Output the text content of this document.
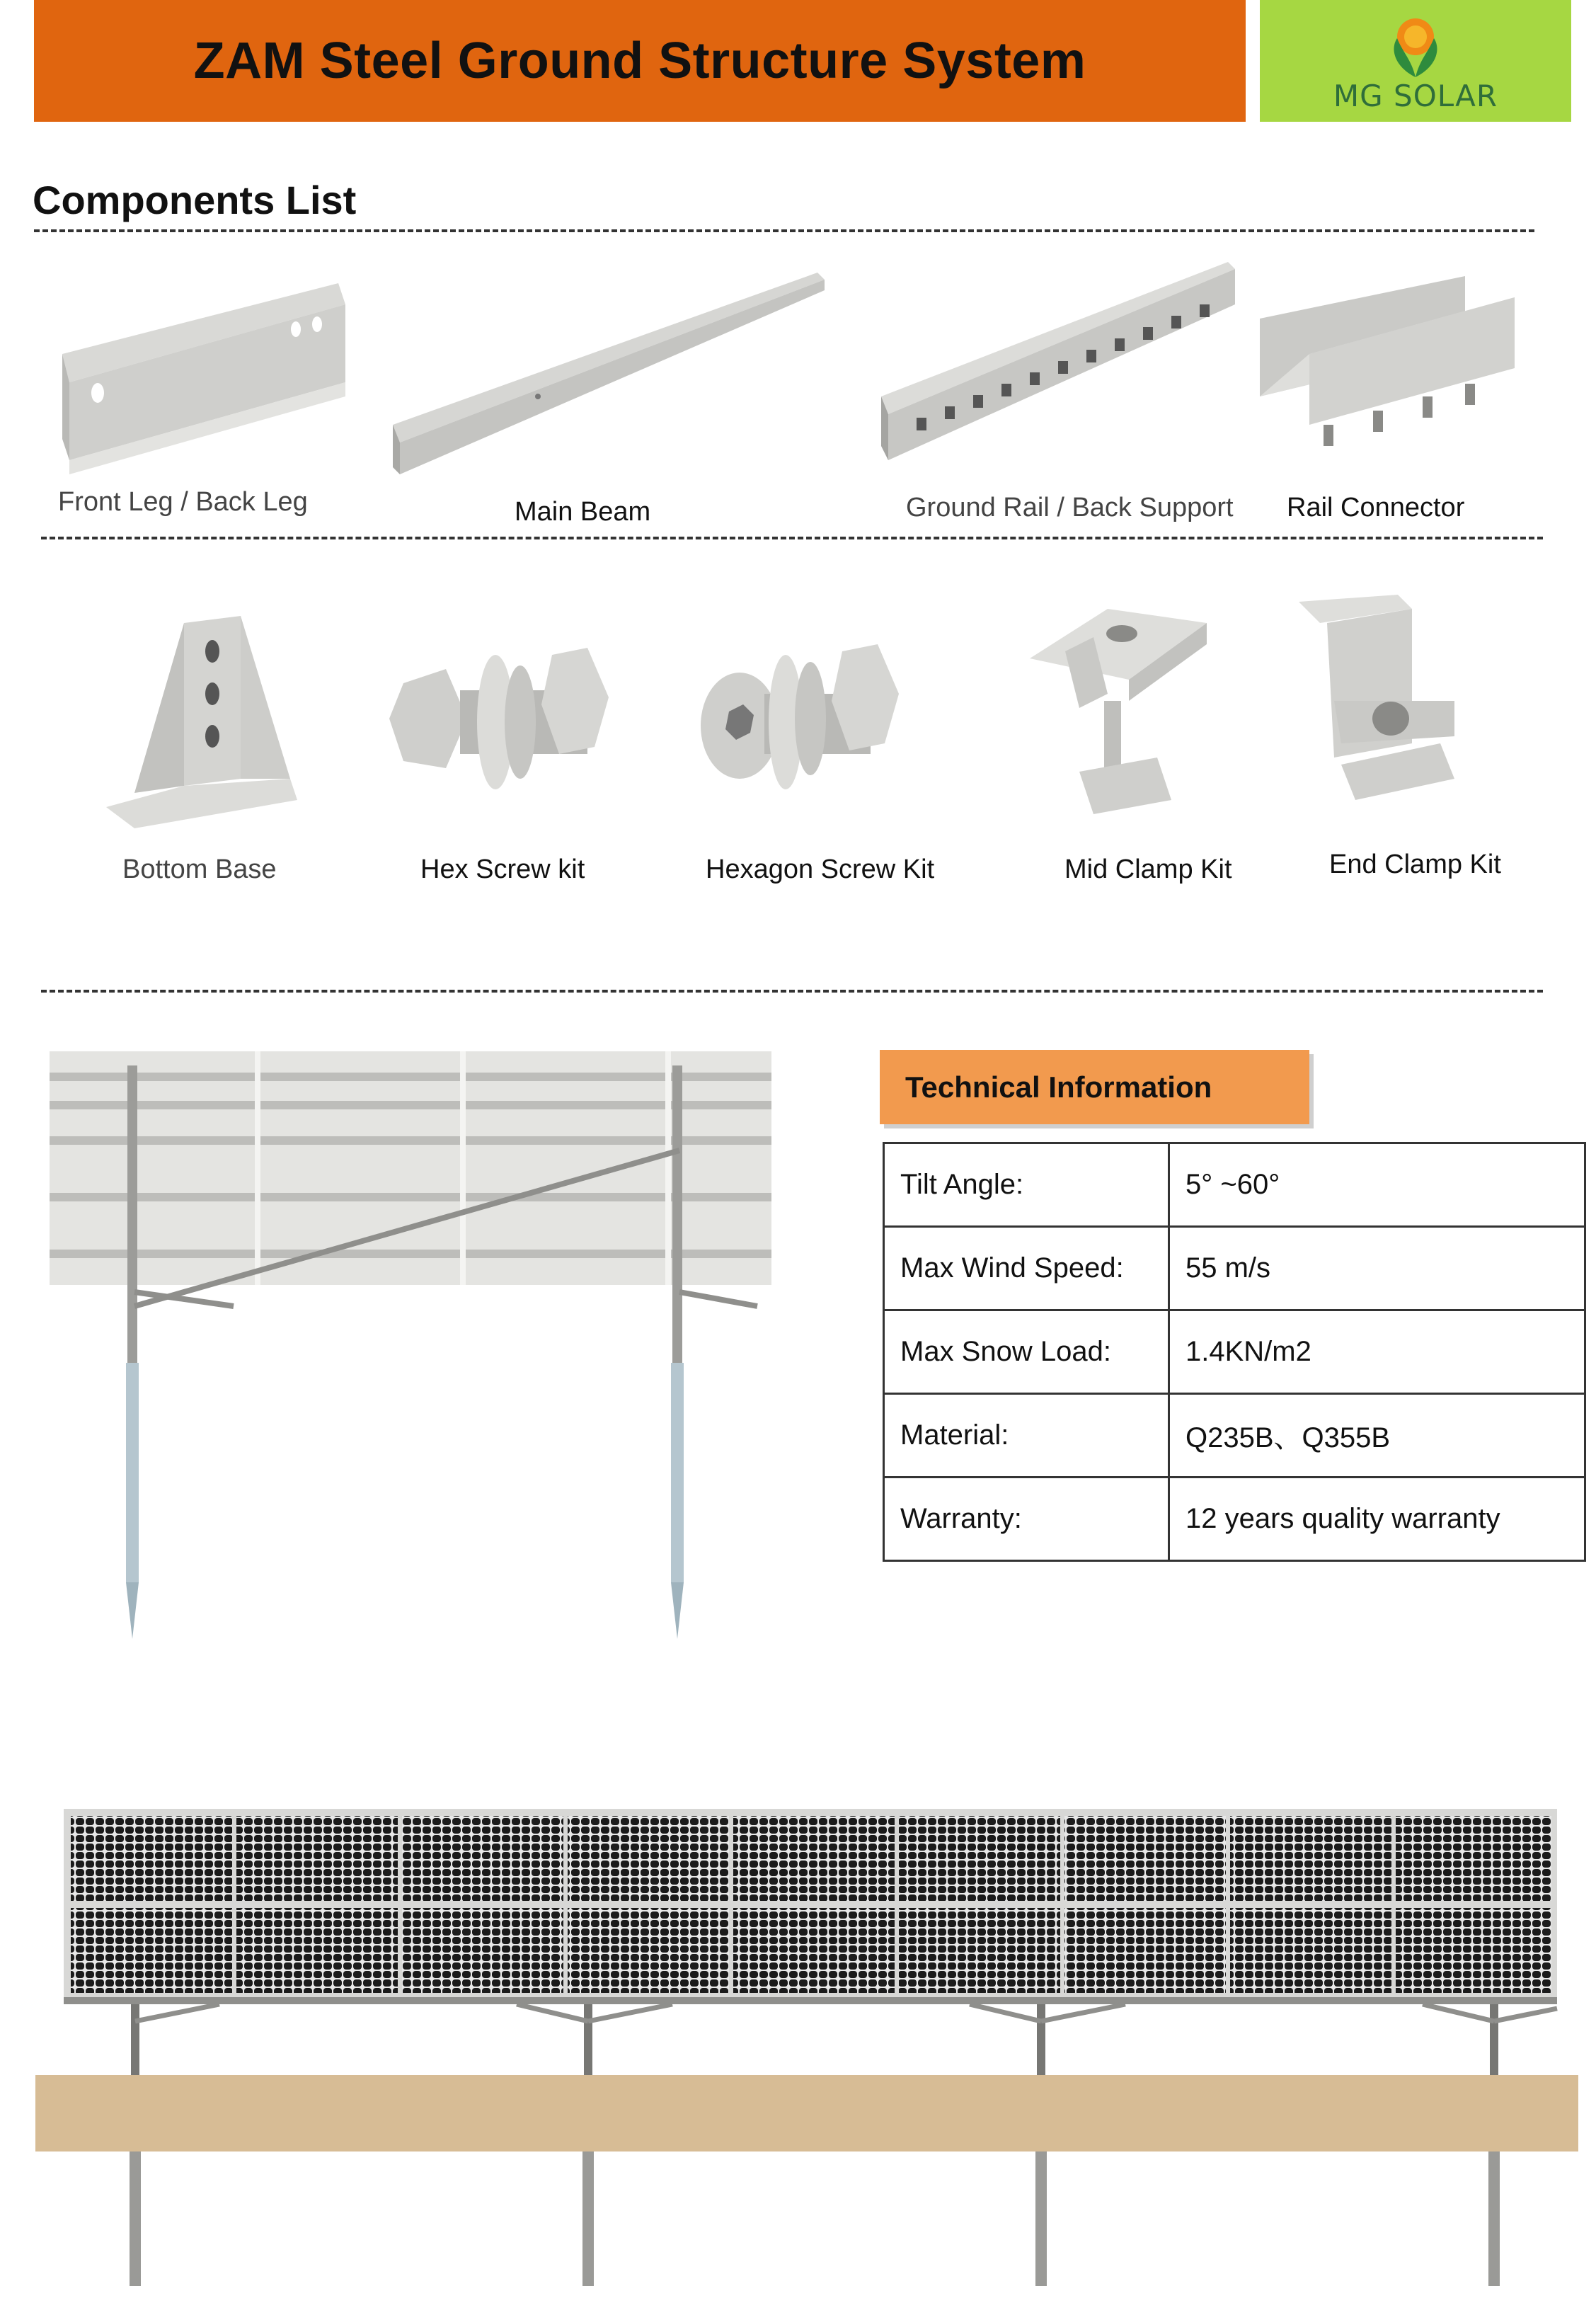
ZAM Steel Ground Structure System
MG SOLAR
Components List
Front Leg / Back Leg	Main Beam	Ground Rail / Back Support Rail Connector
Bottom Base	Hex Screw kit	Hexagon Screw Kit	Mid Clamp Kit	End Clamp Kit
Technical Information
Tilt Angle:	5° ~60°
Max Wind Speed:	55 m/s
Max Snow Load:	1.4KN/m2
Material:	Q235B、Q355B
Warranty:	12 years quality warranty
